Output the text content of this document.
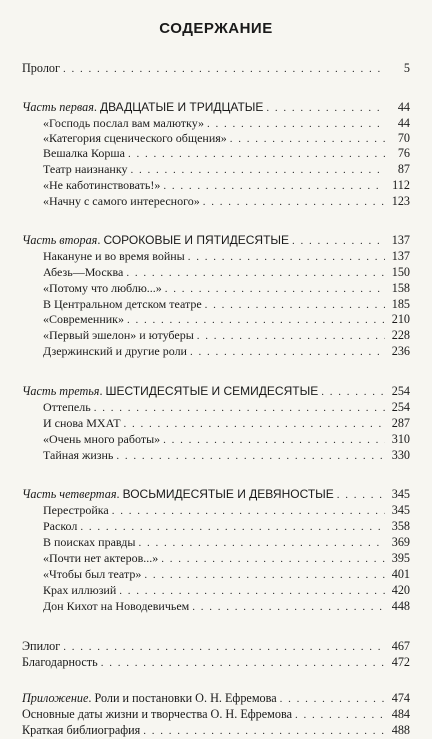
СОДЕРЖАНИЕ
Пролог . . .	5
Часть первая. ДВАДЦАТЫЕ И ТРИДЦАТЫЕ . . .	44
«Господь послал вам малютку» . . .	44
«Категория сценического общения» . . .	70
Вешалка Корша . . .	76
Театр наизнанку . . .	87
«Не каботинствовать!» . . .	112
«Начну с самого интересного» . . .	123
Часть вторая. СОРОКОВЫЕ И ПЯТИДЕСЯТЫЕ . . .	137
Накануне и во время войны . . .	137
Абезь—Москва . . .	150
«Потому что люблю...» . . .	158
В Центральном детском театре . . .	185
«Современник» . . .	210
«Первый эшелон» и ютуберы . . .	228
Дзержинский и другие роли . . .	236
Часть третья. ШЕСТИДЕСЯТЫЕ И СЕМИДЕСЯТЫЕ . . .	254
Оттепель . . .	254
И снова МХАТ . . .	287
«Очень много работы» . . .	310
Тайная жизнь . . .	330
Часть четвертая. ВОСЬМИДЕСЯТЫЕ И ДЕВЯНОСТЫЕ . . .	345
Перестройка . . .	345
Раскол . . .	358
В поисках правды . . .	369
«Почти нет актеров...» . . .	395
«Чтобы был театр» . . .	401
Крах иллюзий . . .	420
Дон Кихот на Новодевичьем . . .	448
Эпилог . . .	467
Благодарность . . .	472
Приложение. Роли и постановки О. Н. Ефремова . . .	474
Основные даты жизни и творчества О. Н. Ефремова . . .	484
Краткая библиография . . .	488
